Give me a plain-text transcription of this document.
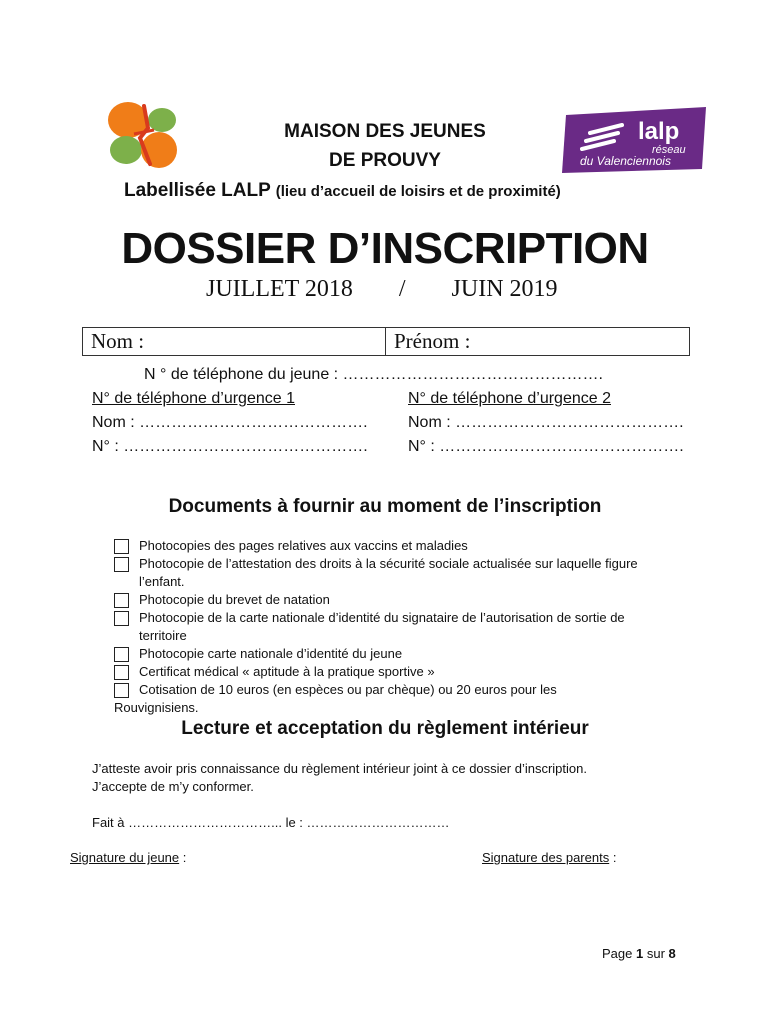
lalp
réseau
du Valenciennois
MAISON DES JEUNES
DE PROUVY
Labellisée LALP (lieu d’accueil de loisirs et de proximité)
DOSSIER D’INSCRIPTION
JUILLET 2018 / JUIN 2019
Nom :	Prénom :
N ° de téléphone du jeune : ………………………………………….
N° de téléphone d’urgence 1	N° de téléphone d’urgence 2
Nom : …………………………………….	Nom : …………………………………….
N° : ……………………………………….	N° : ……………………………………….
Documents à fournir au moment de l’inscription
Photocopies des pages relatives aux vaccins et maladies
Photocopie de l’attestation des droits à la sécurité sociale actualisée sur laquelle figure l’enfant.
Photocopie du brevet de natation
Photocopie de la carte nationale d’identité du signataire de l’autorisation de sortie de territoire
Photocopie carte nationale d’identité du jeune
Certificat médical « aptitude à la pratique sportive »
Cotisation de 10 euros (en espèces ou par chèque) ou 20 euros pour les
Rouvignisiens.
Lecture et acceptation du règlement intérieur
J’atteste avoir pris connaissance du règlement intérieur joint à ce dossier d’inscription.
J’accepte de m’y conformer.
Fait à ……………………………... le : ……………………………
Signature du jeune :	Signature des parents :
Page 1 sur 8
